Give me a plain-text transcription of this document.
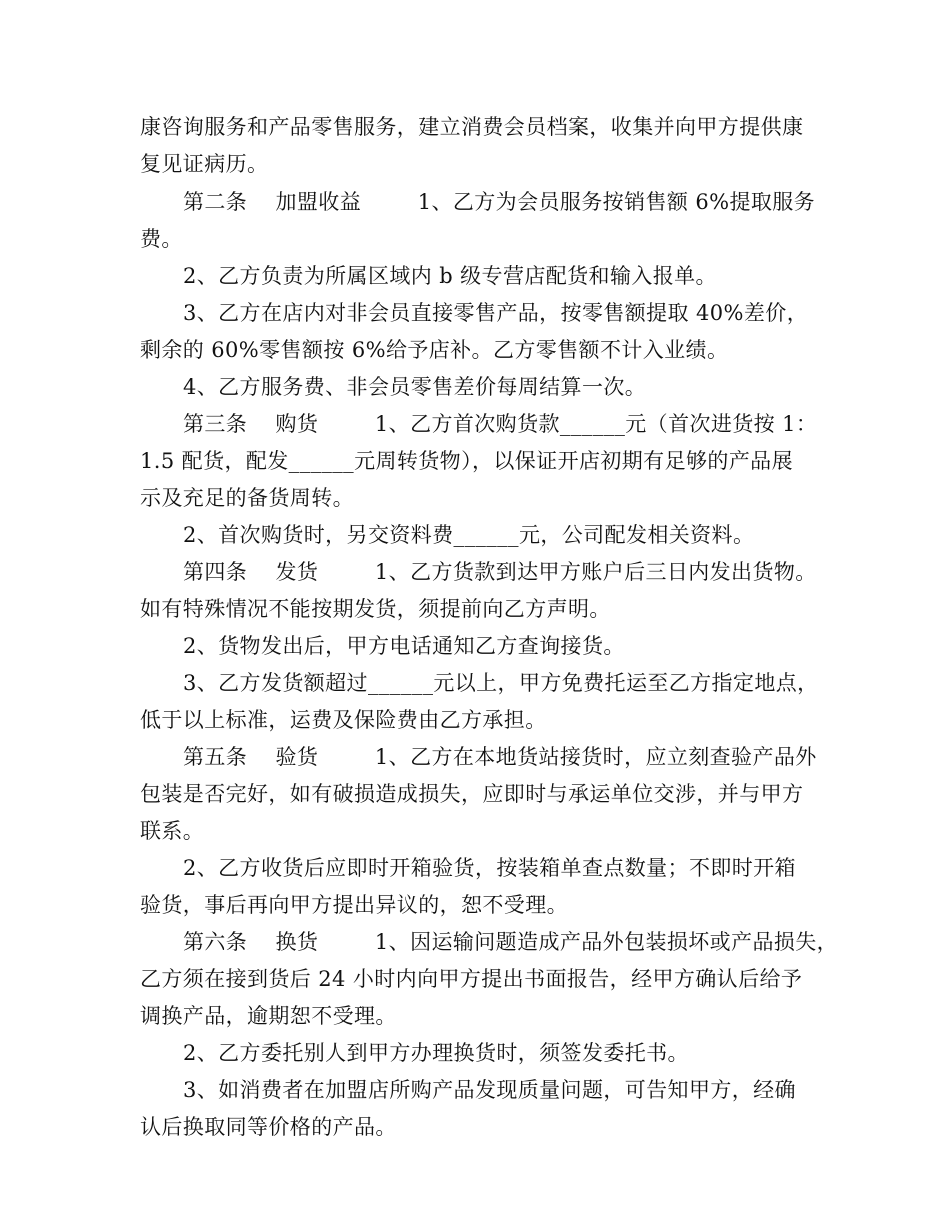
康咨询服务和产品零售服务，建立消费会员档案，收集并向甲方提供康
复见证病历。
第二条    加盟收益        1、乙方为会员服务按销售额 6%提取服务
费。
2、乙方负责为所属区域内 b 级专营店配货和输入报单。
3、乙方在店内对非会员直接零售产品，按零售额提取 40%差价，
剩余的 60%零售额按 6%给予店补。乙方零售额不计入业绩。
4、乙方服务费、非会员零售差价每周结算一次。
第三条    购货        1、乙方首次购货款______元（首次进货按 1：
1.5 配货，配发______元周转货物），以保证开店初期有足够的产品展
示及充足的备货周转。
2、首次购货时，另交资料费______元，公司配发相关资料。
第四条    发货        1、乙方货款到达甲方账户后三日内发出货物。
如有特殊情况不能按期发货，须提前向乙方声明。
2、货物发出后，甲方电话通知乙方查询接货。
3、乙方发货额超过______元以上，甲方免费托运至乙方指定地点，
低于以上标准，运费及保险费由乙方承担。
第五条    验货        1、乙方在本地货站接货时，应立刻查验产品外
包装是否完好，如有破损造成损失，应即时与承运单位交涉，并与甲方
联系。
2、乙方收货后应即时开箱验货，按装箱单查点数量；不即时开箱
验货，事后再向甲方提出异议的，恕不受理。
第六条    换货        1、因运输问题造成产品外包装损坏或产品损失，
乙方须在接到货后 24 小时内向甲方提出书面报告，经甲方确认后给予
调换产品，逾期恕不受理。
2、乙方委托别人到甲方办理换货时，须签发委托书。
3、如消费者在加盟店所购产品发现质量问题，可告知甲方，经确
认后换取同等价格的产品。
